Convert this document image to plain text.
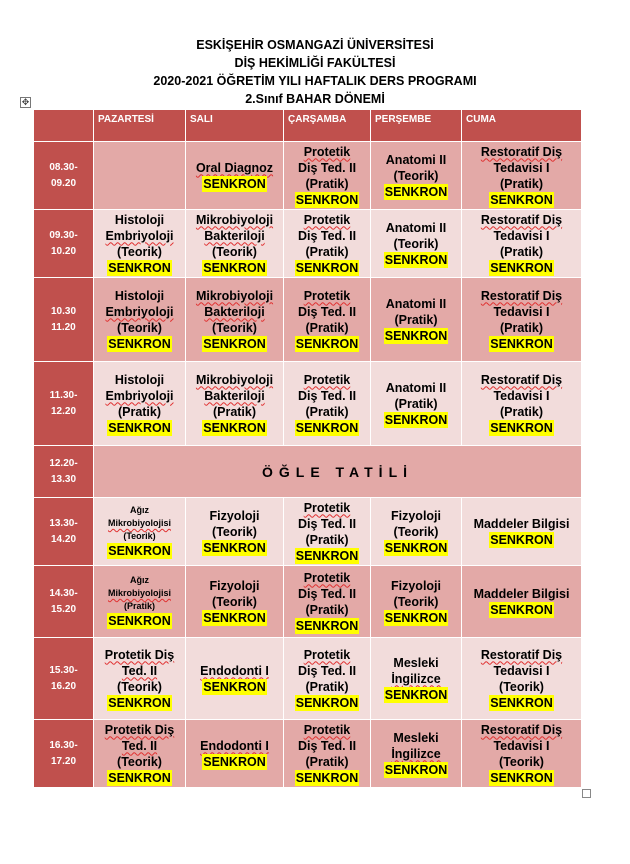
ESKİŞEHİR OSMANGAZİ ÜNİVERSİTESİ
DİŞ HEKİMLİĞİ FAKÜLTESİ
2020-2021 ÖĞRETİM YILI HAFTALIK DERS PROGRAMI
2.Sınıf BAHAR DÖNEMİ
✥
	PAZARTESİ	SALI	ÇARŞAMBA	PERŞEMBE	CUMA

08.30-
09.20		Oral Diagnoz
SENKRON	Protetik
Diş Ted. II
(Pratik)
SENKRON	Anatomi II
(Teorik)
SENKRON	Restoratif Diş
Tedavisi I
(Pratik)
SENKRON

09.30-
10.20	Histoloji
Embriyoloji
(Teorik)
SENKRON	Mikrobiyoloji
Bakteriloji
(Teorik)
SENKRON	Protetik
Diş Ted. II
(Pratik)
SENKRON	Anatomi II
(Teorik)
SENKRON	Restoratif Diş
Tedavisi I
(Pratik)
SENKRON

10.30
11.20	Histoloji
Embriyoloji
(Teorik)
SENKRON	Mikrobiyoloji
Bakteriloji
(Teorik)
SENKRON	Protetik
Diş Ted. II
(Pratik)
SENKRON	Anatomi II
(Pratik)
SENKRON	Restoratif Diş
Tedavisi I
(Pratik)
SENKRON

11.30-
12.20	Histoloji
Embriyoloji
(Pratik)
SENKRON	Mikrobiyoloji
Bakteriloji
(Pratik)
SENKRON	Protetik
Diş Ted. II
(Pratik)
SENKRON	Anatomi II
(Pratik)
SENKRON	Restoratif Diş
Tedavisi I
(Pratik)
SENKRON

12.20-
13.30	ÖĞLE TATİLİ				

13.30-
14.20	Ağız
Mikrobiyolojisi
(Teorik)
SENKRON	Fizyoloji
(Teorik)
SENKRON	Protetik
Diş Ted. II
(Pratik)
SENKRON	Fizyoloji
(Teorik)
SENKRON	Maddeler Bilgisi
SENKRON

14.30-
15.20	Ağız
Mikrobiyolojisi
(Pratik)
SENKRON	Fizyoloji
(Teorik)
SENKRON	Protetik
Diş Ted. II
(Pratik)
SENKRON	Fizyoloji
(Teorik)
SENKRON	Maddeler Bilgisi
SENKRON

15.30-
16.20	Protetik Diş
Ted. II
(Teorik)
SENKRON	Endodonti I
SENKRON	Protetik
Diş Ted. II
(Pratik)
SENKRON	Mesleki
İngilizce
SENKRON	Restoratif Diş
Tedavisi I
(Teorik)
SENKRON

16.30-
17.20	Protetik Diş
Ted. II
(Teorik)
SENKRON	Endodonti I
SENKRON	Protetik
Diş Ted. II
(Pratik)
SENKRON	Mesleki
İngilizce
SENKRON	Restoratif Diş
Tedavisi I
(Teorik)
SENKRON
